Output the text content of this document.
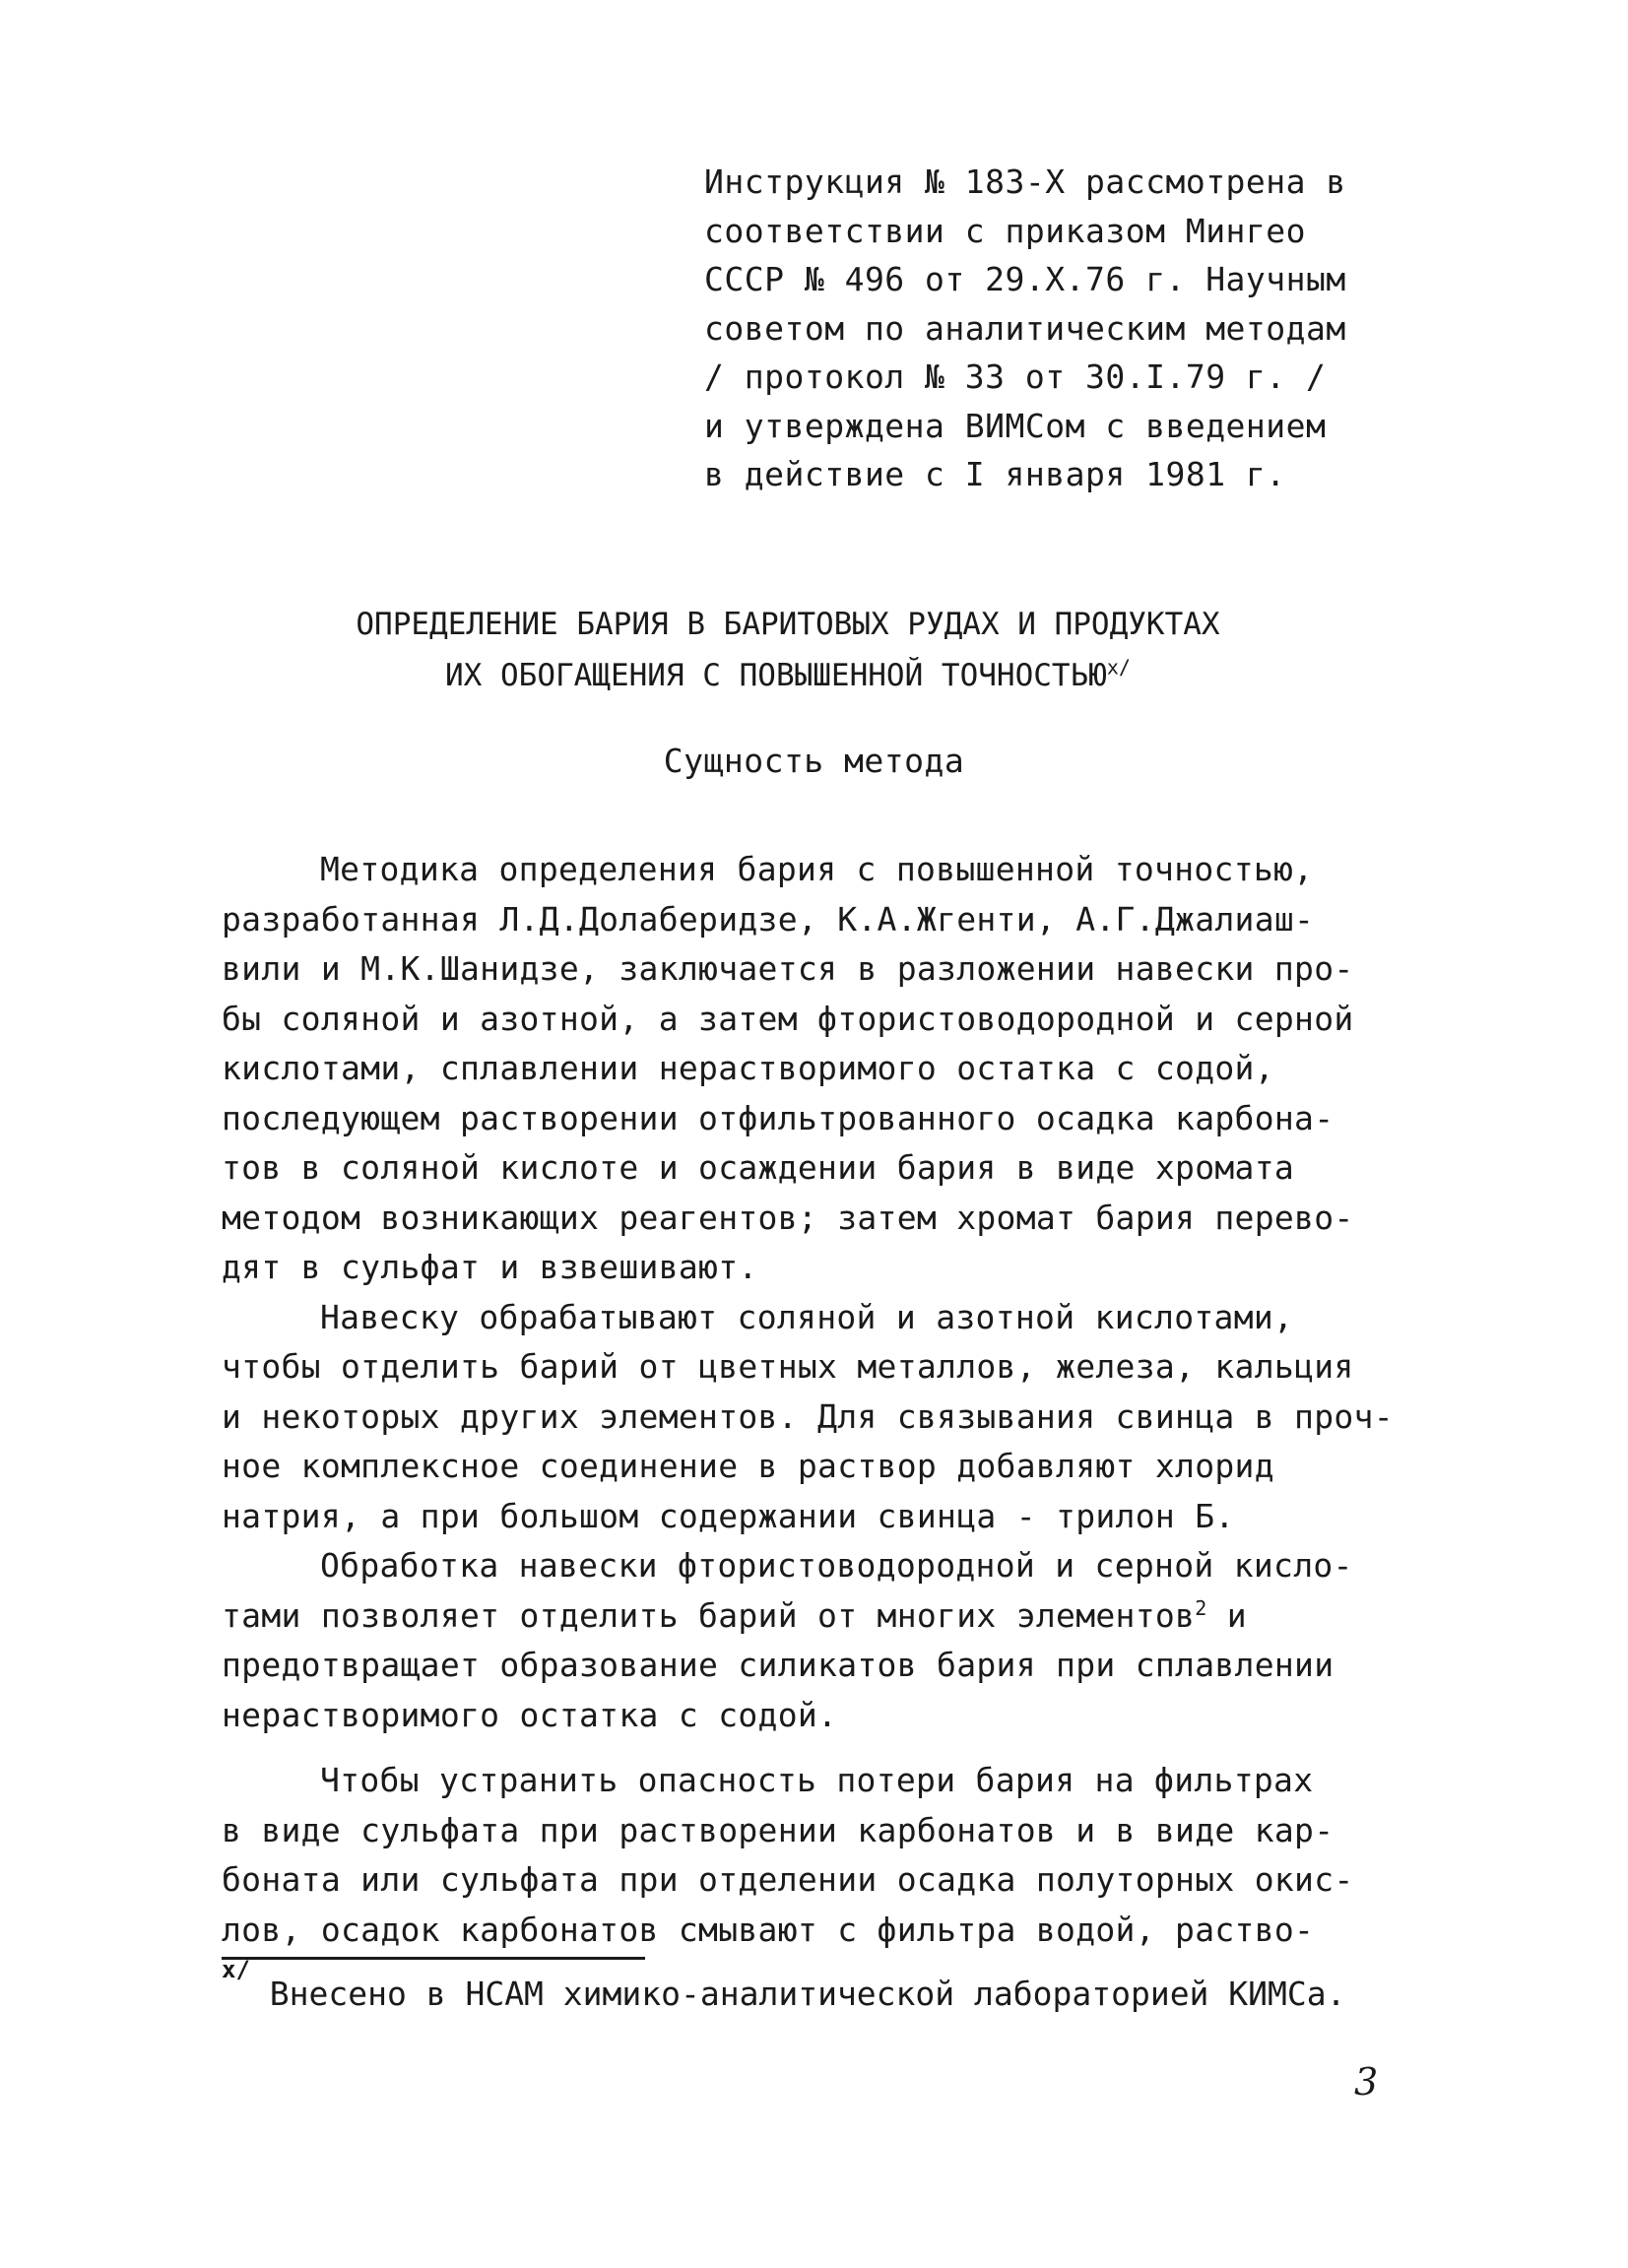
Инструкция № 183-Х рассмотрена в
соответствии с приказом Мингео
СССР № 496 от 29.X.76 г. Научным
советом по аналитическим методам
/ протокол № 33 от 30.I.79 г. /
и утверждена ВИМСом с введением
в действие с I января 1981 г.
ОПРЕДЕЛЕНИЕ БАРИЯ В БАРИТОВЫХ РУДАХ И ПРОДУКТАХ
ИХ ОБОГАЩЕНИЯ С ПОВЫШЕННОЙ $ТОЧНОСТЬЮ^{х/}$
Сущность метода
Методика определения бария с повышенной точностью,
разработанная Л.Д.Долаберидзе, К.А.Жгенти, А.Г.Джалиаш-
вили и М.К.Шанидзе, заключается в разложении навески про-
бы соляной и азотной, а затем фтористоводородной и серной
кислотами, сплавлении нерастворимого остатка с содой,
последующем растворении отфильтрованного осадка карбона-
тов в соляной кислоте и осаждении бария в виде хромата
методом возникающих реагентов; затем хромат бария перево-
дят в сульфат и взвешивают.
Навеску обрабатывают соляной и азотной кислотами,
чтобы отделить барий от цветных металлов, железа, кальция
и некоторых других элементов. Для связывания свинца в проч-
ное комплексное соединение в раствор добавляют хлорид
натрия, а при большом содержании свинца - трилон Б.
Обработка навески фтористоводородной и серной кисло-
тами позволяет отделить барий от многих элементов$^2$ и
предотвращает образование силикатов бария при сплавлении
нерастворимого остатка с содой.
Чтобы устранить опасность потери бария на фильтрах
в виде сульфата при растворении карбонатов и в виде кар-
боната или сульфата при отделении осадка полуторных окис-
лов, осадок карбонатов смывают с фильтра водой, раство-
$^{х/}$ Внесено в НСАМ химико-аналитической лабораторией КИМСа.
3
